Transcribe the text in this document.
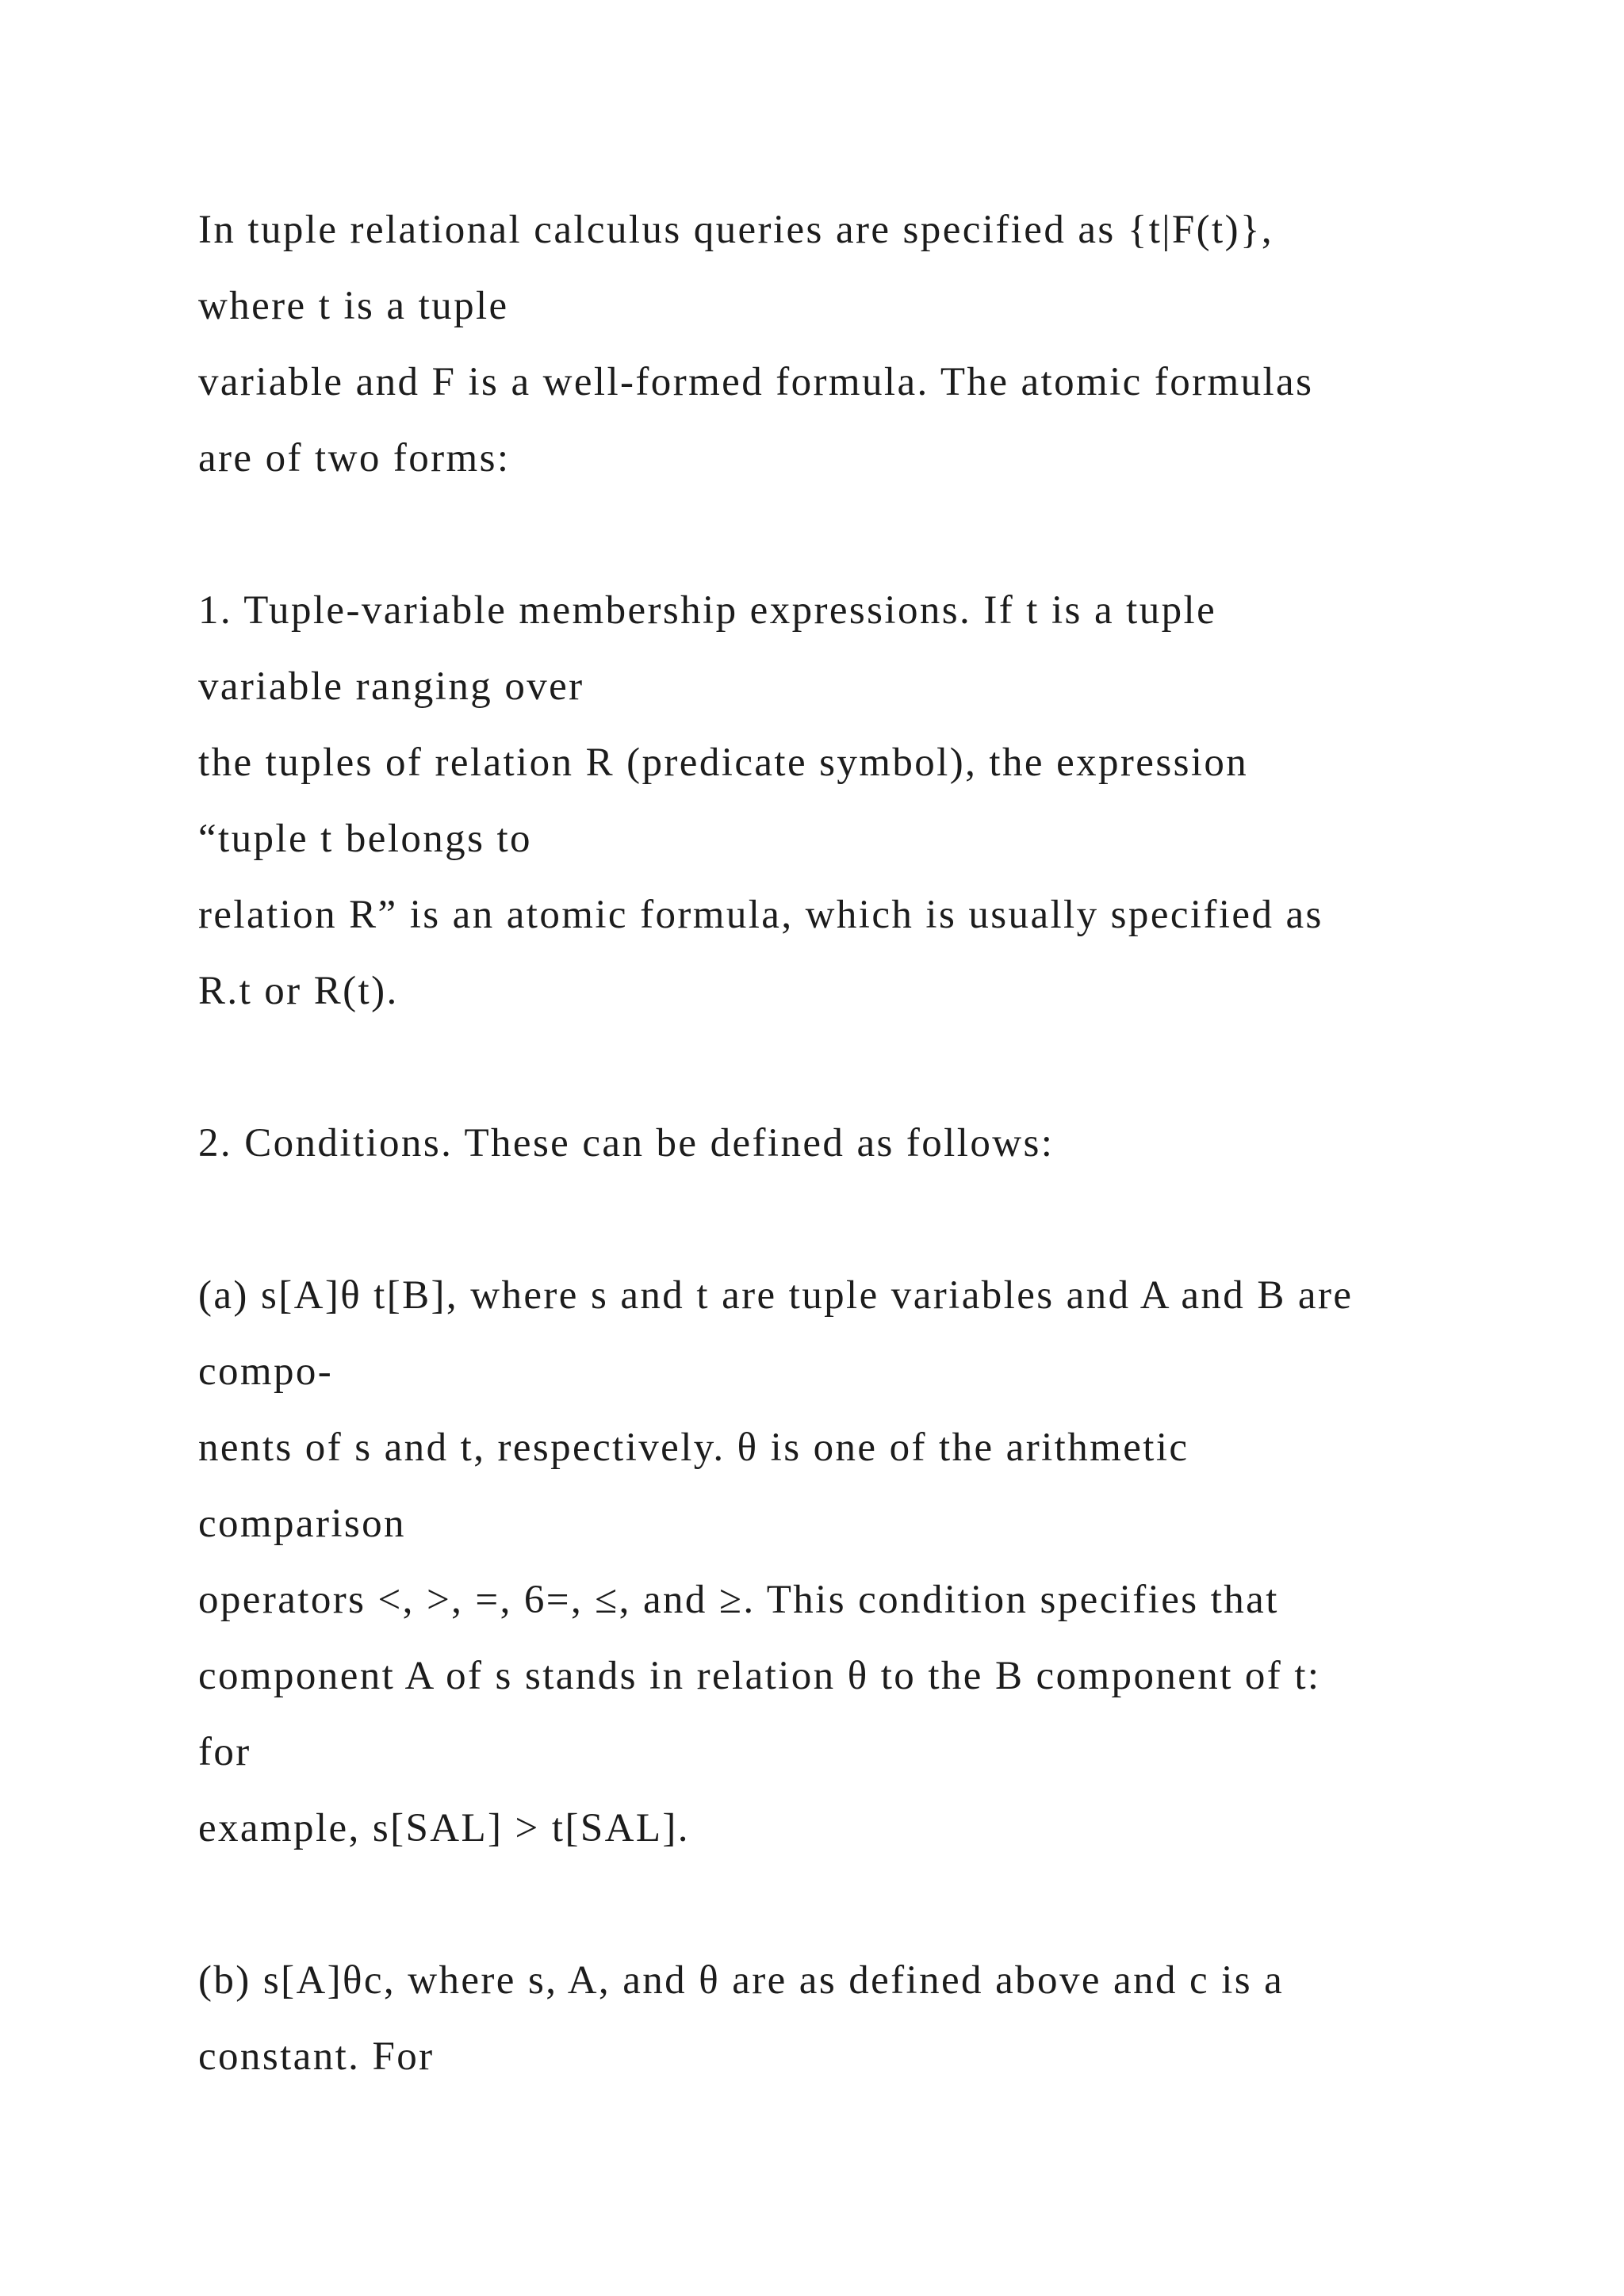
In tuple relational calculus queries are specified as {t|F(t)},
where t is a tuple
variable and F is a well-formed formula. The atomic formulas
are of two forms:
1. Tuple-variable membership expressions. If t is a tuple
variable ranging over
the tuples of relation R (predicate symbol), the expression
“tuple t belongs to
relation R” is an atomic formula, which is usually specified as
R.t or R(t).
2. Conditions. These can be defined as follows:
(a) s[A]θ t[B], where s and t are tuple variables and A and B are
compo-
nents of s and t, respectively. θ is one of the arithmetic
comparison
operators <, >, =, 6=, ≤, and ≥. This condition specifies that
component A of s stands in relation θ to the B component of t:
for
example, s[SAL] > t[SAL].
(b) s[A]θc, where s, A, and θ are as defined above and c is a
constant. For
